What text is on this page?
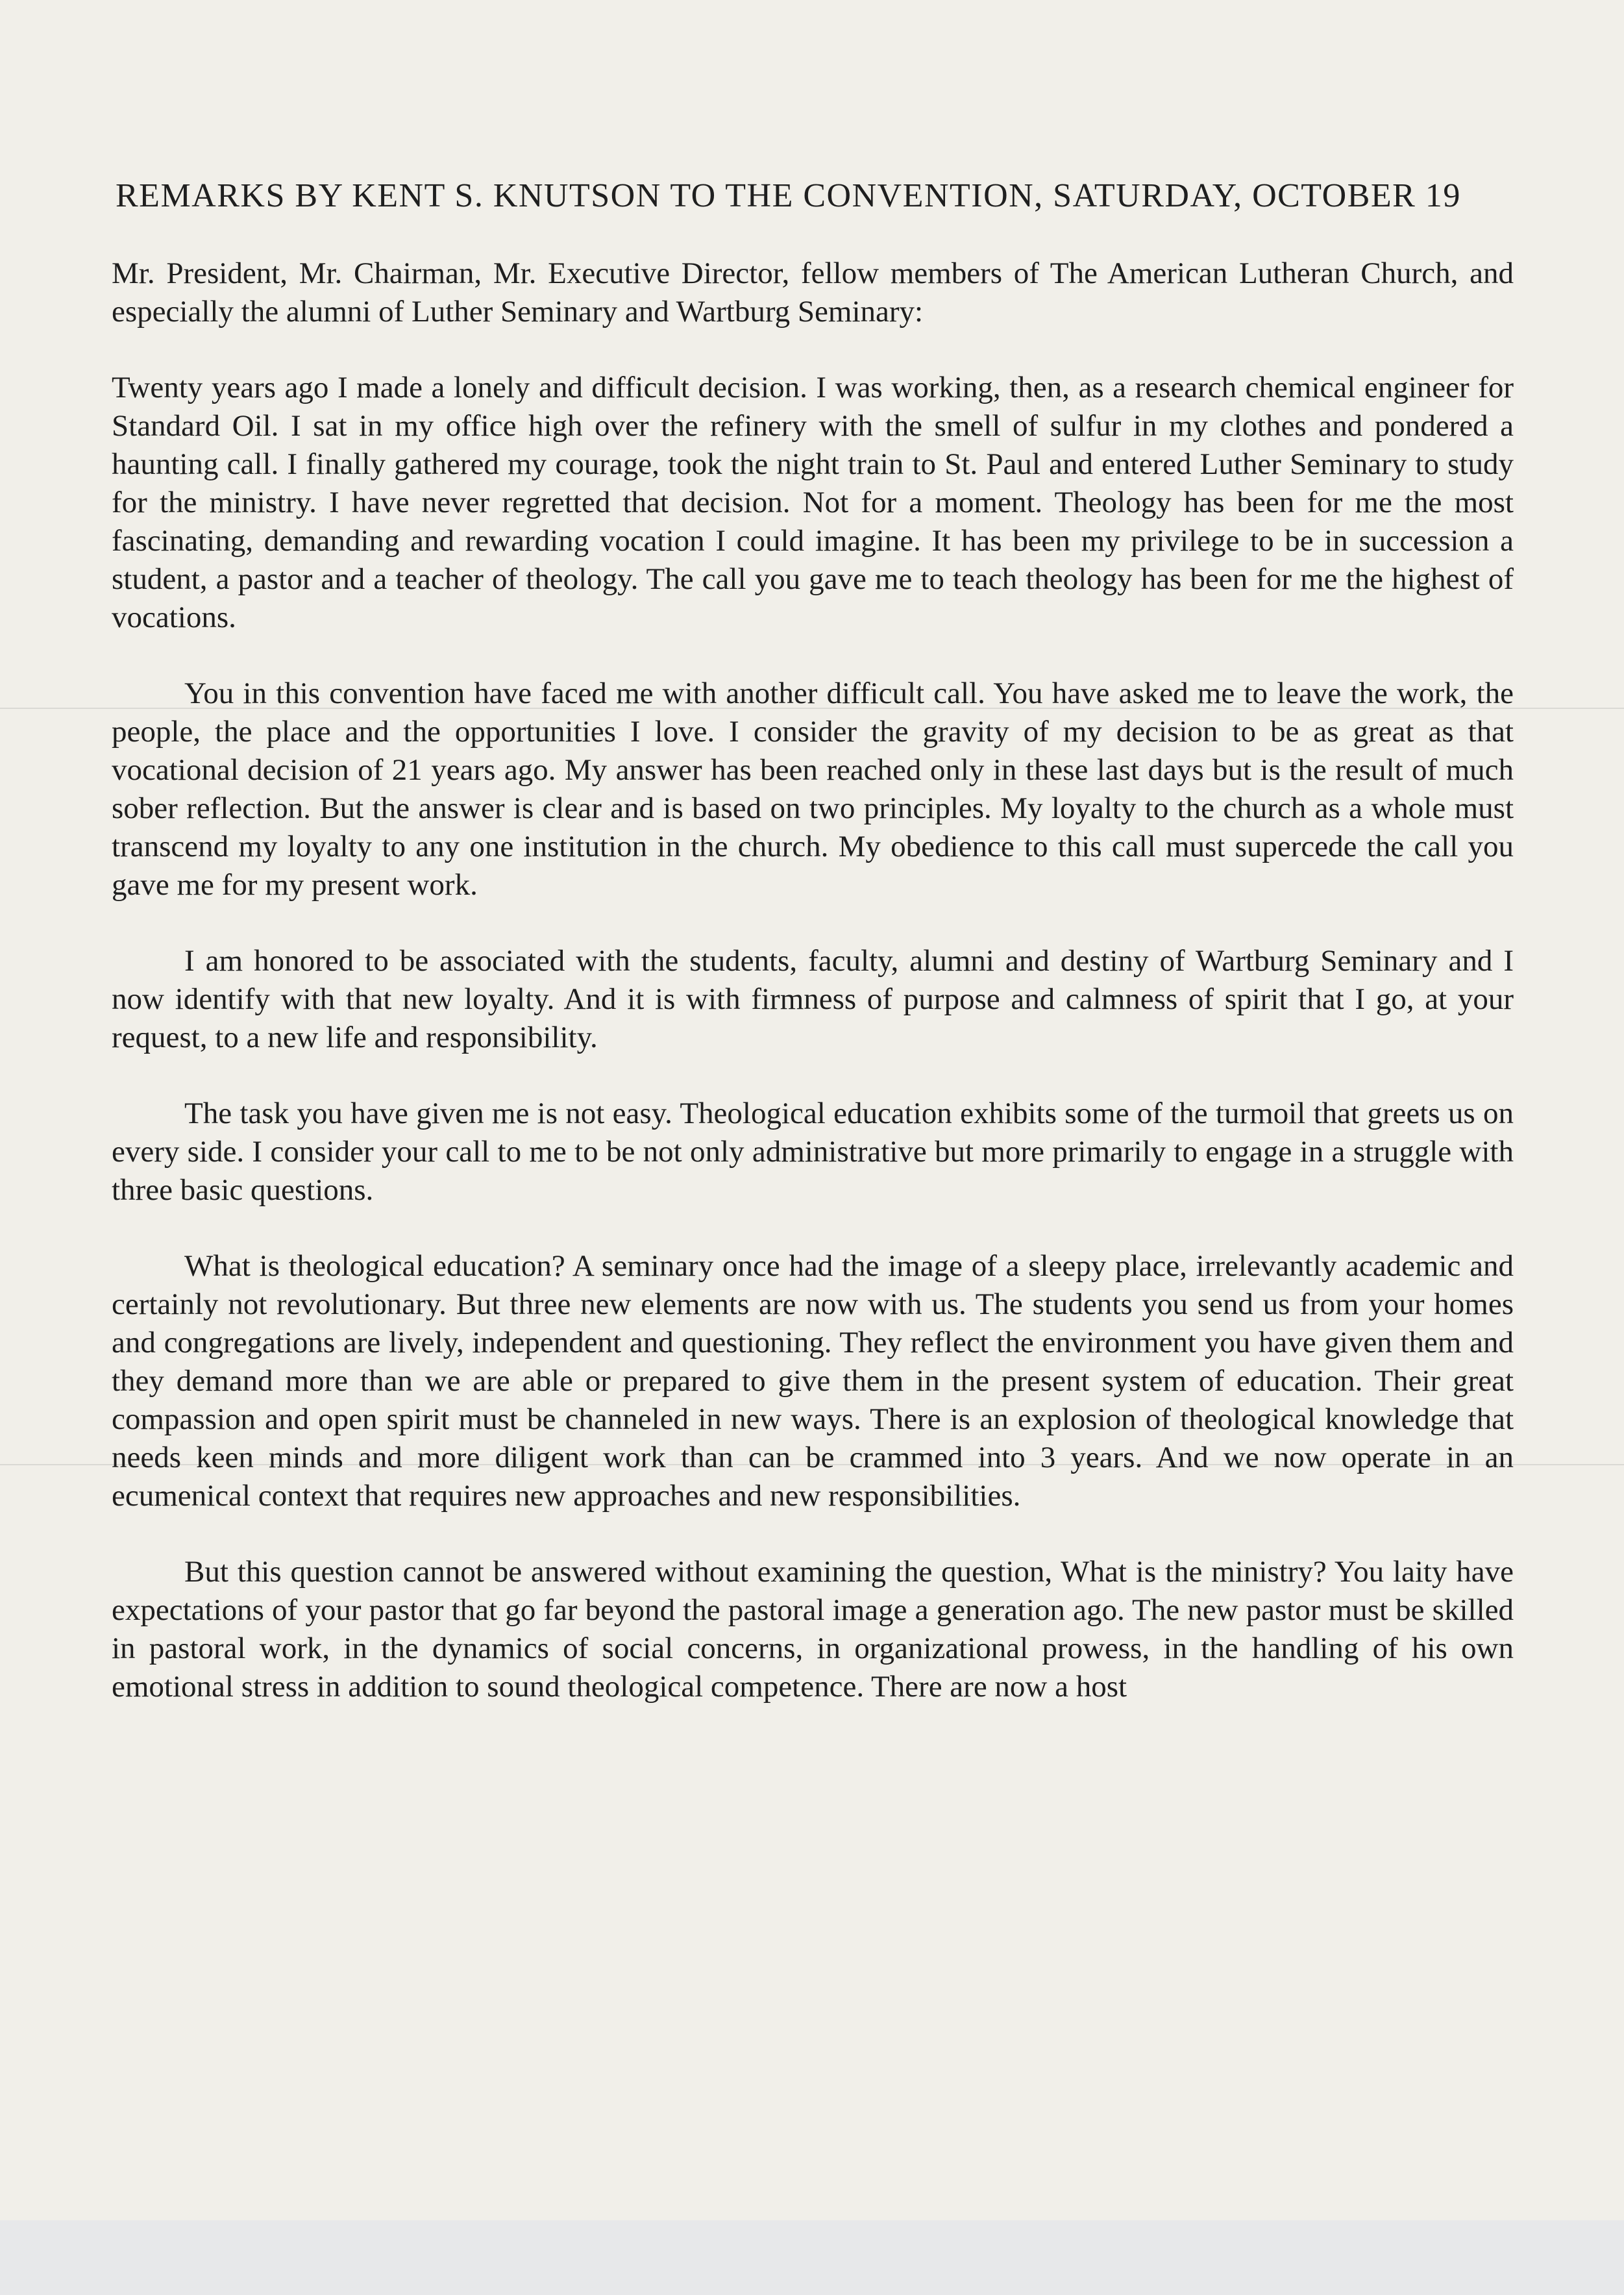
REMARKS BY KENT S. KNUTSON TO THE CONVENTION, SATURDAY, OCTOBER 19

Mr. President, Mr. Chairman, Mr. Executive Director, fellow members of The American Lutheran Church, and especially the alumni of Luther Seminary and Wartburg Seminary:

Twenty years ago I made a lonely and difficult decision. I was working, then, as a research chemical engineer for Standard Oil. I sat in my office high over the refinery with the smell of sulfur in my clothes and pondered a haunting call. I finally gathered my courage, took the night train to St. Paul and entered Luther Seminary to study for the ministry. I have never regretted that decision. Not for a moment. Theology has been for me the most fascinating, demanding and rewarding vocation I could imagine. It has been my privilege to be in succession a student, a pastor and a teacher of theology. The call you gave me to teach theology has been for me the highest of vocations.

You in this convention have faced me with another difficult call. You have asked me to leave the work, the people, the place and the opportunities I love. I consider the gravity of my decision to be as great as that vocational decision of 21 years ago. My answer has been reached only in these last days but is the result of much sober reflection. But the answer is clear and is based on two principles. My loyalty to the church as a whole must transcend my loyalty to any one institution in the church. My obedience to this call must supercede the call you gave me for my present work.

I am honored to be associated with the students, faculty, alumni and destiny of Wartburg Seminary and I now identify with that new loyalty. And it is with firmness of purpose and calmness of spirit that I go, at your request, to a new life and responsibility.

The task you have given me is not easy. Theological education exhibits some of the turmoil that greets us on every side. I consider your call to me to be not only administrative but more primarily to engage in a struggle with three basic questions.

What is theological education? A seminary once had the image of a sleepy place, irrelevantly academic and certainly not revolutionary. But three new elements are now with us. The students you send us from your homes and congregations are lively, independent and questioning. They reflect the environment you have given them and they demand more than we are able or prepared to give them in the present system of education. Their great compassion and open spirit must be channeled in new ways. There is an explosion of theological knowledge that needs keen minds and more diligent work than can be crammed into 3 years. And we now operate in an ecumenical context that requires new approaches and new responsibilities.

But this question cannot be answered without examining the question, What is the ministry? You laity have expectations of your pastor that go far beyond the pastoral image a generation ago. The new pastor must be skilled in pastoral work, in the dynamics of social concerns, in organizational prowess, in the handling of his own emotional stress in addition to sound theological competence. There are now a host
